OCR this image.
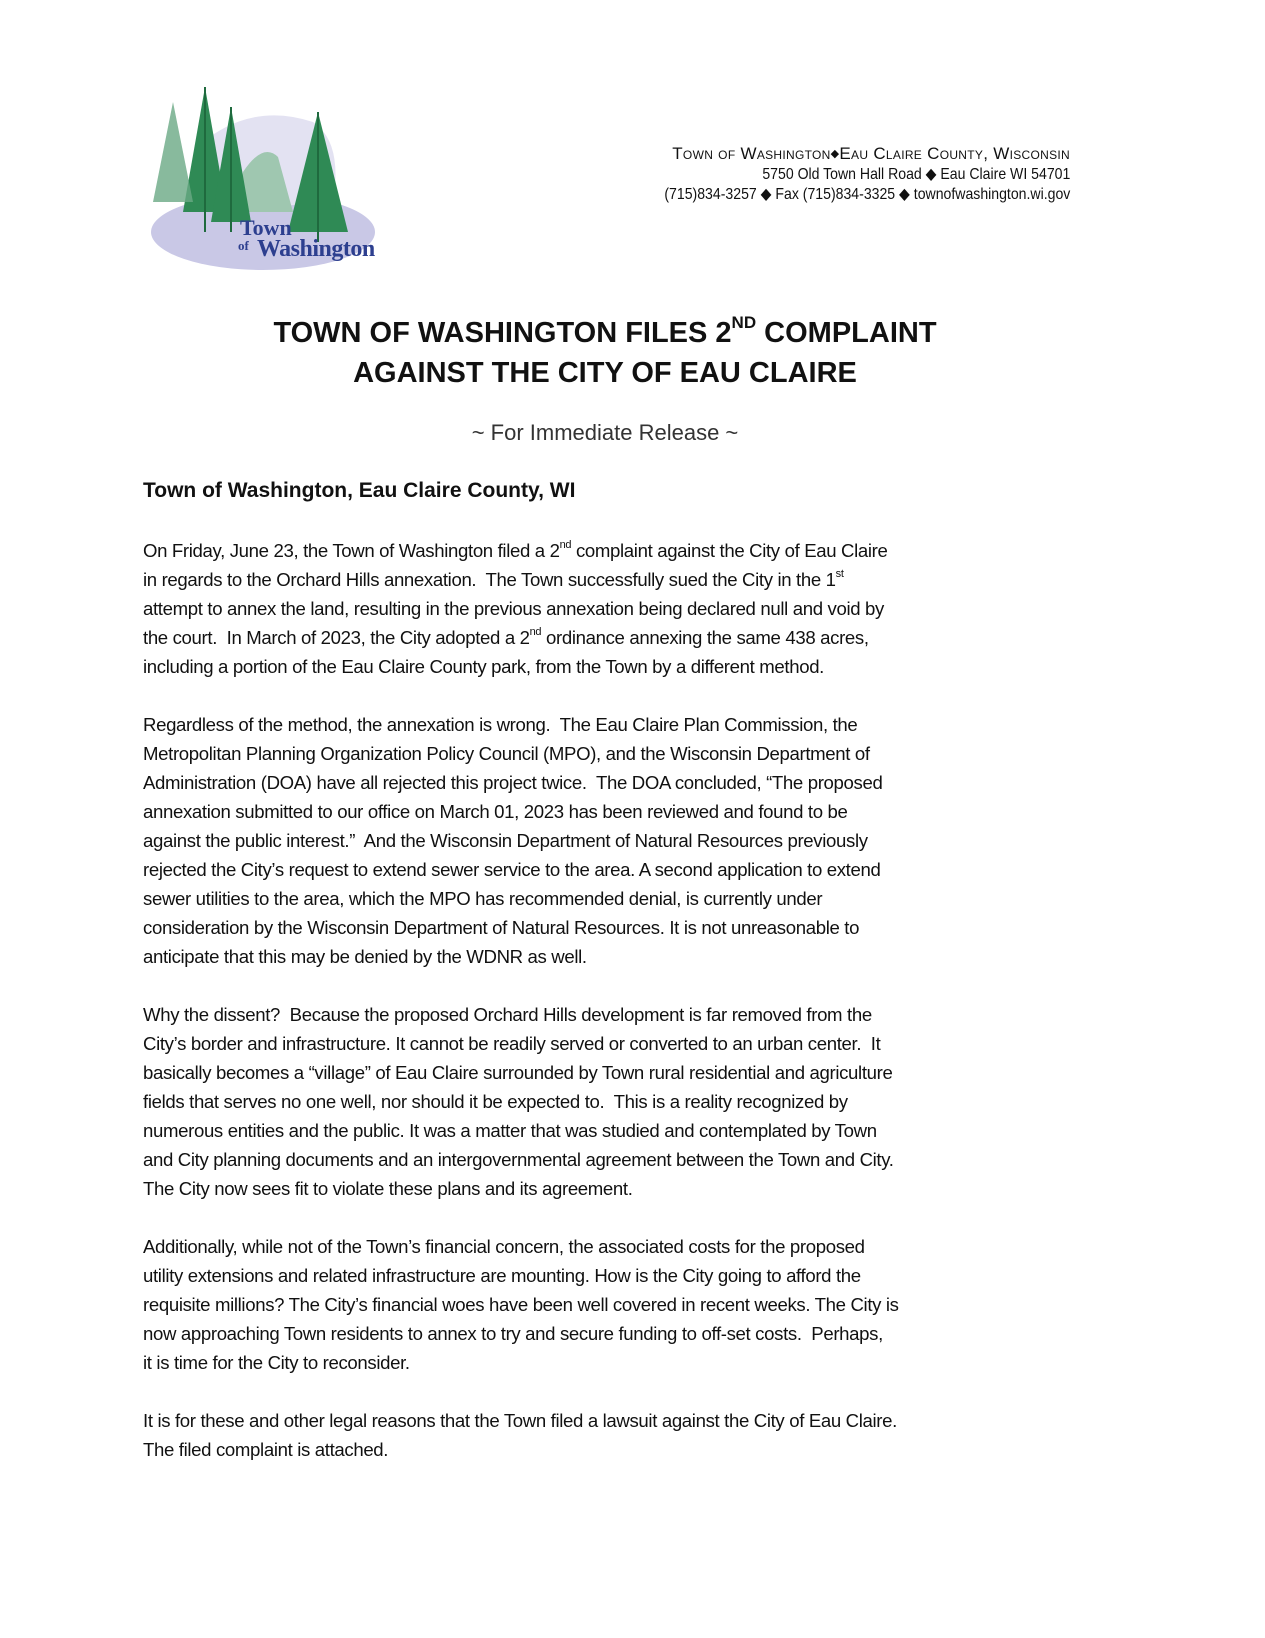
Town
of Washington
Town of Washington◆Eau Claire County, Wisconsin
5750 Old Town Hall Road ◆ Eau Claire WI 54701
(715)834-3257 ◆ Fax (715)834-3325 ◆ townofwashington.wi.gov
TOWN OF WASHINGTON FILES 2ND COMPLAINT
AGAINST THE CITY OF EAU CLAIRE
~ For Immediate Release ~
Town of Washington, Eau Claire County, WI
On Friday, June 23, the Town of Washington filed a 2nd complaint against the City of Eau Claire
in regards to the Orchard Hills annexation.  The Town successfully sued the City in the 1st
attempt to annex the land, resulting in the previous annexation being declared null and void by
the court.  In March of 2023, the City adopted a 2nd ordinance annexing the same 438 acres,
including a portion of the Eau Claire County park, from the Town by a different method.
Regardless of the method, the annexation is wrong.  The Eau Claire Plan Commission, the
Metropolitan Planning Organization Policy Council (MPO), and the Wisconsin Department of
Administration (DOA) have all rejected this project twice.  The DOA concluded, “The proposed
annexation submitted to our office on March 01, 2023 has been reviewed and found to be
against the public interest.”  And the Wisconsin Department of Natural Resources previously
rejected the City’s request to extend sewer service to the area. A second application to extend
sewer utilities to the area, which the MPO has recommended denial, is currently under
consideration by the Wisconsin Department of Natural Resources. It is not unreasonable to
anticipate that this may be denied by the WDNR as well.
Why the dissent?  Because the proposed Orchard Hills development is far removed from the
City’s border and infrastructure. It cannot be readily served or converted to an urban center.  It
basically becomes a “village” of Eau Claire surrounded by Town rural residential and agriculture
fields that serves no one well, nor should it be expected to.  This is a reality recognized by
numerous entities and the public. It was a matter that was studied and contemplated by Town
and City planning documents and an intergovernmental agreement between the Town and City.
The City now sees fit to violate these plans and its agreement.
Additionally, while not of the Town’s financial concern, the associated costs for the proposed
utility extensions and related infrastructure are mounting. How is the City going to afford the
requisite millions? The City’s financial woes have been well covered in recent weeks. The City is
now approaching Town residents to annex to try and secure funding to off-set costs.  Perhaps,
it is time for the City to reconsider.
It is for these and other legal reasons that the Town filed a lawsuit against the City of Eau Claire.
The filed complaint is attached.
